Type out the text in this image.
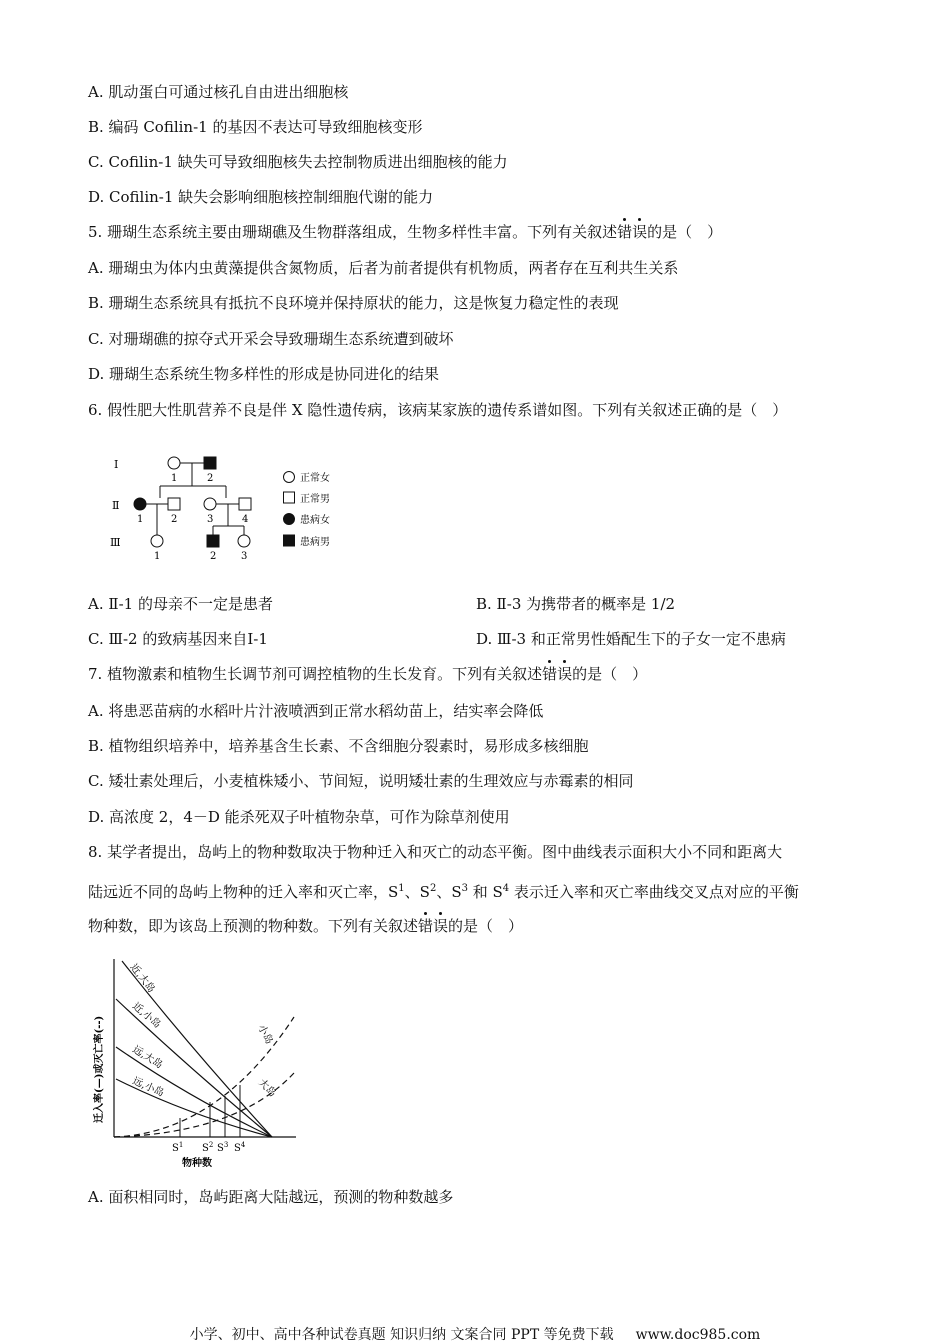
A. 肌动蛋白可通过核孔自由进出细胞核
B. 编码 Cofilin-1 的基因不表达可导致细胞核变形
C. Cofilin-1 缺失可导致细胞核失去控制物质进出细胞核的能力
D. Cofilin-1 缺失会影响细胞核控制细胞代谢的能力
5. 珊瑚生态系统主要由珊瑚礁及生物群落组成，生物多样性丰富。下列有关叙述错误的是（　）
A. 珊瑚虫为体内虫黄藻提供含氮物质，后者为前者提供有机物质，两者存在互利共生关系
B. 珊瑚生态系统具有抵抗不良环境并保持原状的能力，这是恢复力稳定性的表现
C. 对珊瑚礁的掠夺式开采会导致珊瑚生态系统遭到破坏
D. 珊瑚生态系统生物多样性的形成是协同进化的结果
6. 假性肥大性肌营养不良是伴 X 隐性遗传病，该病某家族的遗传系谱如图。下列有关叙述正确的是（　）
Ⅰ
Ⅱ
Ⅲ
1	2
1	2	3	4
1	2 3
正常女
正常男
患病女
患病男
A. Ⅱ-1 的母亲不一定是患者	B. Ⅱ-3 为携带者的概率是 1/2
C. Ⅲ-2 的致病基因来自Ⅰ-1	D. Ⅲ-3 和正常男性婚配生下的子女一定不患病
7. 植物激素和植物生长调节剂可调控植物的生长发育。下列有关叙述错误的是（　）
A. 将患恶苗病的水稻叶片汁液喷洒到正常水稻幼苗上，结实率会降低
B. 植物组织培养中，培养基含生长素、不含细胞分裂素时，易形成多核细胞
C. 矮壮素处理后，小麦植株矮小、节间短，说明矮壮素的生理效应与赤霉素的相同
D. 高浓度 2，4－D 能杀死双子叶植物杂草，可作为除草剂使用
8. 某学者提出，岛屿上的物种数取决于物种迁入和灭亡的动态平衡。图中曲线表示面积大小不同和距离大
陆远近不同的岛屿上物种的迁入率和灭亡率，$S^1$、$S^2$、$S^3$ 和 $S^4$ 表示迁入率和灭亡率曲线交叉点对应的平衡
物种数，即为该岛上预测的物种数。下列有关叙述错误的是（　）
近,大岛
近,小岛
远,大岛
远,小岛
小岛
大岛
$S^1$ $S^2$ $S^3$ $S^4$
物种数
迁入率(—)或灭亡率(--)
A. 面积相同时，岛屿距离大陆越远，预测的物种数越多
小学、初中、高中各种试卷真题 知识归纳 文案合同 PPT 等免费下载 www.doc985.com
